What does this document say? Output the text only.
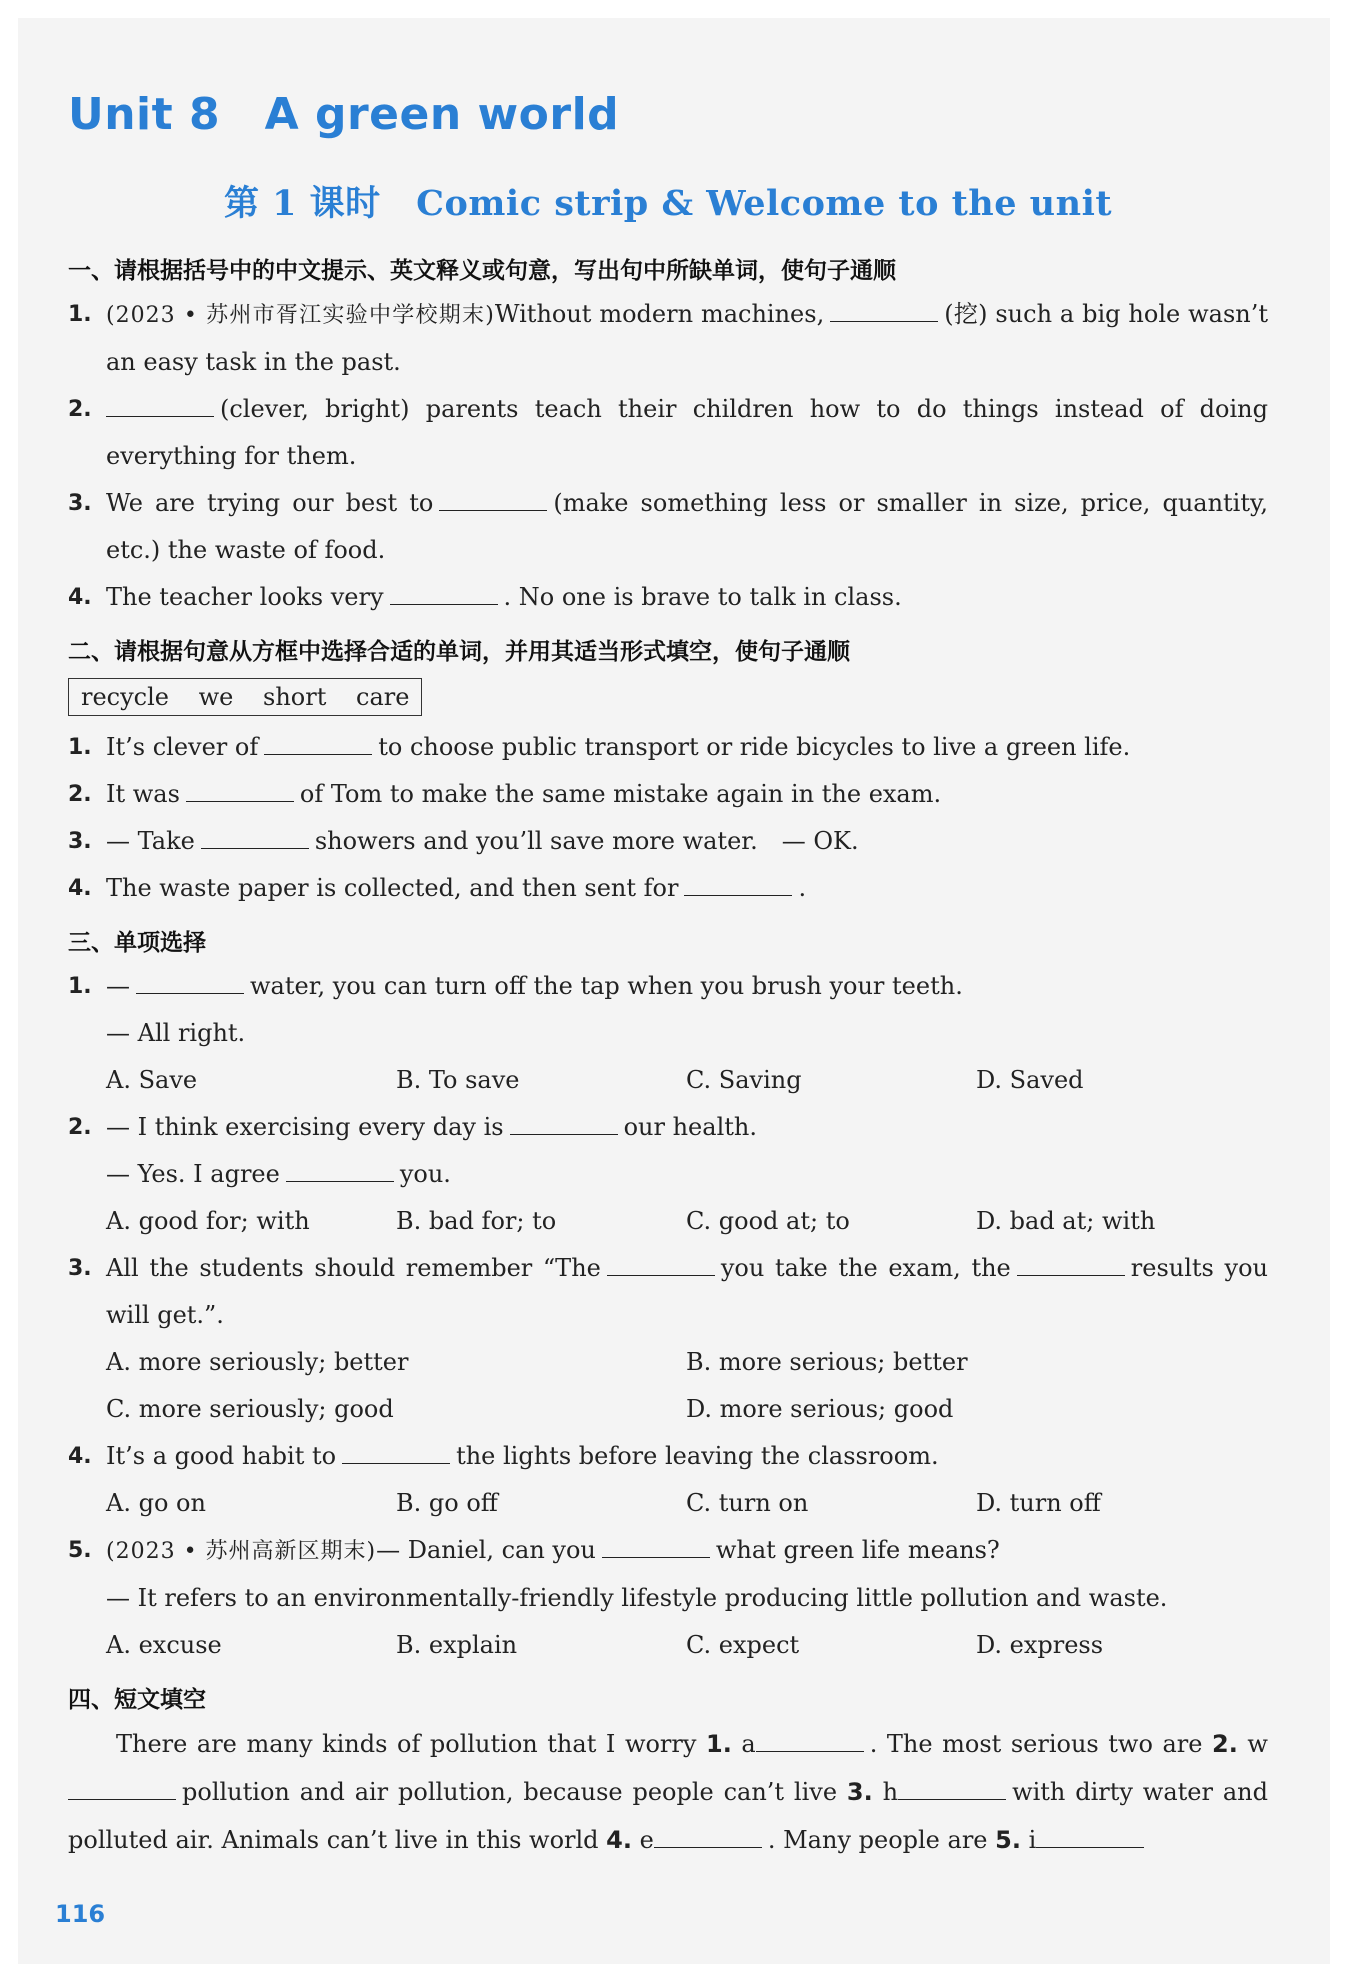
Unit 8　A green world
第 1 课时　Comic strip & Welcome to the unit
一、请根据括号中的中文提示、英文释义或句意，写出句中所缺单词，使句子通顺
1. (2023 • 苏州市胥江实验中学校期末)Without modern machines,	(挖) such a big hole wasn’t an easy task in the past.
2.	(clever, bright) parents teach their children how to do things instead of doing everything for them.
3. We are trying our best to	(make something less or smaller in size, price, quantity, etc.) the waste of food.
4. The teacher looks very	. No one is brave to talk in class.
二、请根据句意从方框中选择合适的单词，并用其适当形式填空，使句子通顺
recycle we short care
1. It’s clever of	to choose public transport or ride bicycles to live a green life.
2. It was	of Tom to make the same mistake again in the exam.
3. — Take	showers and you’ll save more water.　— OK.
4. The waste paper is collected, and then sent for	.
三、单项选择
1. —	water, you can turn off the tap when you brush your teeth.
— All right.
A. Save	B. To save	C. Saving	D. Saved
2. — I think exercising every day is	our health.
— Yes. I agree	you.
A. good for; with	B. bad for; to	C. good at; to	D. bad at; with
3. All the students should remember “The	you take the exam, the	results you will get.”.
A. more seriously; better	B. more serious; better
C. more seriously; good	D. more serious; good
4. It’s a good habit to	the lights before leaving the classroom.
A. go on	B. go off	C. turn on	D. turn off
5. (2023 • 苏州高新区期末)— Daniel, can you	what green life means?
— It refers to an environmentally-friendly lifestyle producing little pollution and waste.
A. excuse	B. explain	C. expect	D. express
四、短文填空
There are many kinds of pollution that I worry 1. a	. The most serious two are 2. wpollution and air pollution, because people can’t live 3. h	with dirty water and polluted air. Animals can’t live in this world 4. e	. Many people are 5. i
116
